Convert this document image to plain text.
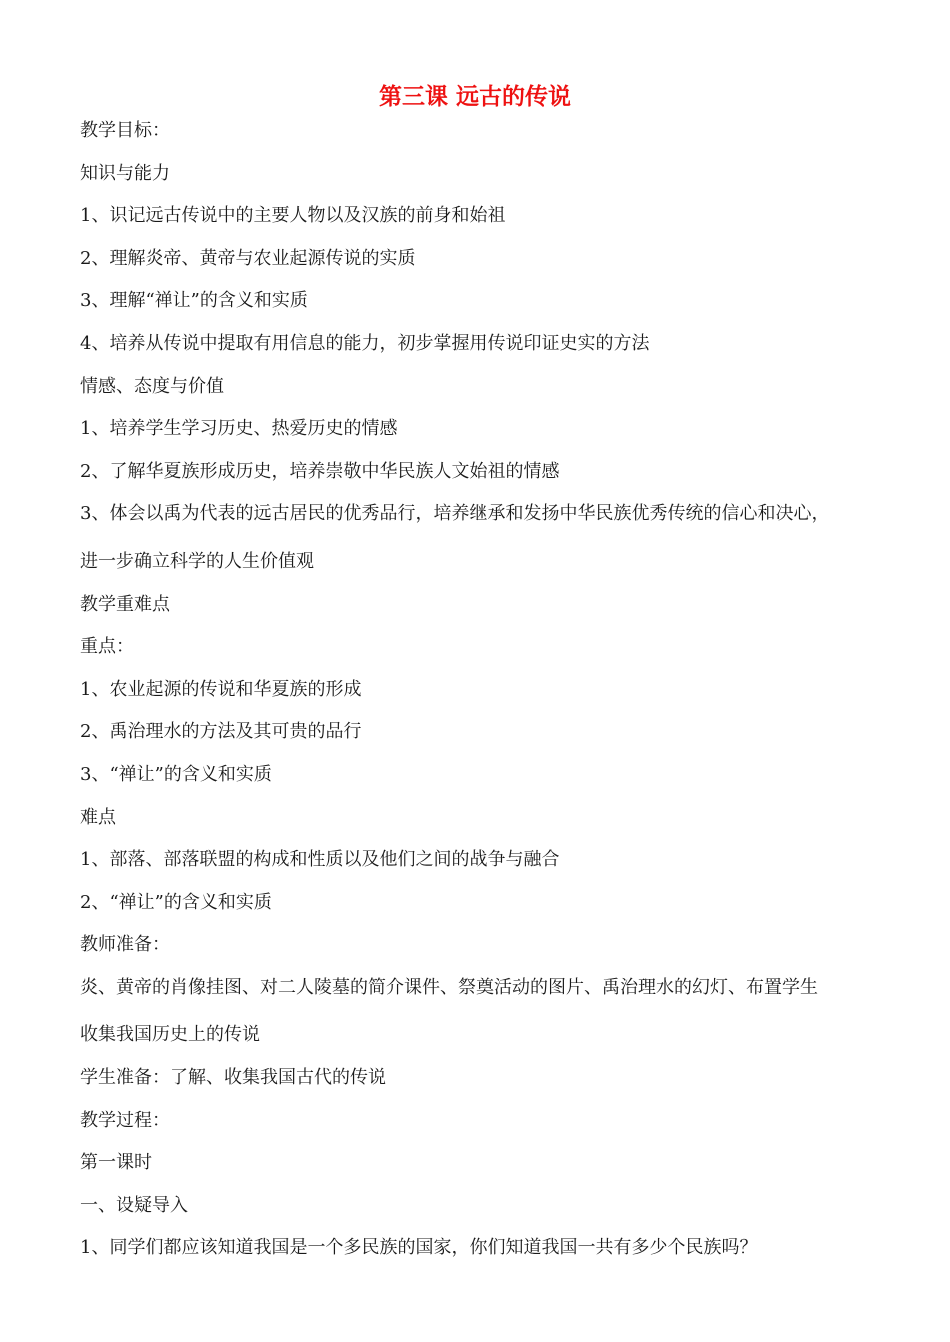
第三课 远古的传说
教学目标：
知识与能力
1、识记远古传说中的主要人物以及汉族的前身和始祖
2、理解炎帝、黄帝与农业起源传说的实质
3、理解“禅让”的含义和实质
4、培养从传说中提取有用信息的能力，初步掌握用传说印证史实的方法
情感、态度与价值
1、培养学生学习历史、热爱历史的情感
2、了解华夏族形成历史，培养崇敬中华民族人文始祖的情感
3、体会以禹为代表的远古居民的优秀品行，培养继承和发扬中华民族优秀传统的信心和决心，
进一步确立科学的人生价值观
教学重难点
重点：
1、农业起源的传说和华夏族的形成
2、禹治理水的方法及其可贵的品行
3、“禅让”的含义和实质
难点
1、部落、部落联盟的构成和性质以及他们之间的战争与融合
2、“禅让”的含义和实质
教师准备：
炎、黄帝的肖像挂图、对二人陵墓的简介课件、祭奠活动的图片、禹治理水的幻灯、布置学生
收集我国历史上的传说
学生准备：了解、收集我国古代的传说
教学过程：
第一课时
一、设疑导入
1、同学们都应该知道我国是一个多民族的国家，你们知道我国一共有多少个民族吗？
